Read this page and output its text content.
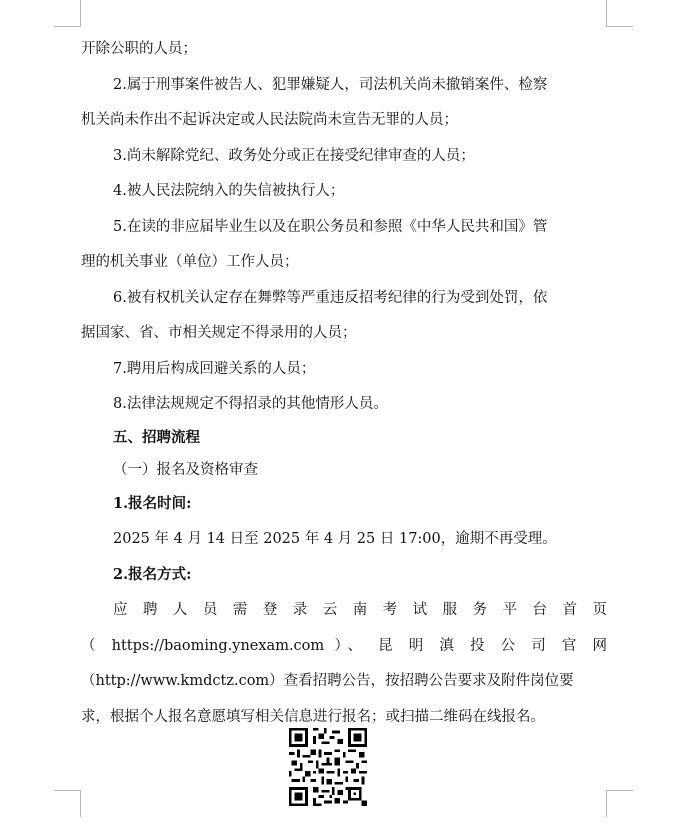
开除公职的人员；
2.属于刑事案件被告人、犯罪嫌疑人，司法机关尚未撤销案件、检察
机关尚未作出不起诉决定或人民法院尚未宣告无罪的人员；
3.尚未解除党纪、政务处分或正在接受纪律审查的人员；
4.被人民法院纳入的失信被执行人；
5.在读的非应届毕业生以及在职公务员和参照《中华人民共和国》管
理的机关事业（单位）工作人员；
6.被有权机关认定存在舞弊等严重违反招考纪律的行为受到处罚，依
据国家、省、市相关规定不得录用的人员；
7.聘用后构成回避关系的人员；
8.法律法规规定不得招录的其他情形人员。
五、招聘流程
（一）报名及资格审查
1.报名时间:
2025 年 4 月 14 日至 2025 年 4 月 25 日 17:00，逾期不再受理。
2.报名方式:
应聘人员需登录云南考试服务平台首页
（ https://baoming.ynexam.com ）、 昆 明 滇 投 公 司 官 网
（http://www.kmdctz.com）查看招聘公告，按招聘公告要求及附件岗位要
求，根据个人报名意愿填写相关信息进行报名；或扫描二维码在线报名。
